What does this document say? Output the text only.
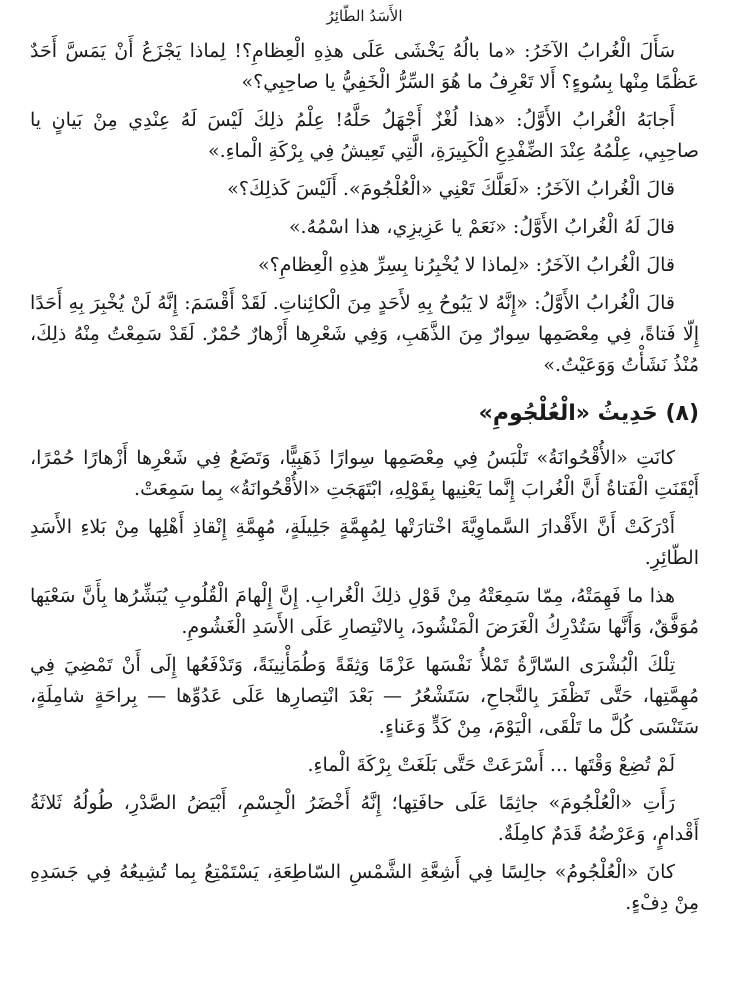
الأَسَدُ الطّائِرُ

سَأَلَ الْغُرابُ الآخَرُ: «ما بالُهُ يَخْشَى عَلَى هذِهِ الْعِظامِ؟! لِماذا يَجْزَعُ أَنْ يَمَسَّ أَحَدٌ عَظْمًا مِنْها بِسُوءٍ؟ أَلا تَعْرِفُ ما هُوَ السِّرُّ الْخَفِيُّ يا صاحِبِي؟»

أَجابَهُ الْغُرابُ الأَوَّلُ: «هذا لُغْزٌ أَجْهَلُ حَلَّهُ! عِلْمُ ذلِكَ لَيْسَ لَهُ عِنْدِي مِنْ بَيانٍ يا صاحِبِي، عِلْمُهُ عِنْدَ الضِّفْدِعِ الْكَبِيرَةِ، الَّتِي تَعِيشُ فِي بِرْكَةِ الْماءِ.»

قالَ الْغُرابُ الآخَرُ: «لَعَلَّكَ تَعْنِي «الْعُلْجُومَ». أَلَيْسَ كَذلِكَ؟»

قالَ لَهُ الْغُرابُ الأَوَّلُ: «نَعَمْ يا عَزِيزِي، هذا اسْمُهُ.»

قالَ الْغُرابُ الآخَرُ: «لِماذا لا يُخْبِرُنا بِسِرِّ هذِهِ الْعِظامِ؟»

قالَ الْغُرابُ الأَوَّلُ: «إِنَّهُ لا يَبُوحُ بِهِ لأَحَدٍ مِنَ الْكائِناتِ. لَقَدْ أَقْسَمَ: إِنَّهُ لَنْ يُخْبِرَ بِهِ أَحَدًا إِلّا فَتاةً، فِي مِعْصَمِها سِوارٌ مِنَ الذَّهَبِ، وَفِي شَعْرِها أَزْهارٌ حُمْرٌ. لَقَدْ سَمِعْتُ مِنْهُ ذلِكَ، مُنْذُ نَشَأْتُ وَوَعَيْتُ.»

(٨) حَدِيثُ «الْعُلْجُومِ»

كانَتِ «الأُقْحُوانَةُ» تَلْبَسُ فِي مِعْصَمِها سِوارًا ذَهَبِيًّا، وَتَضَعُ فِي شَعْرِها أَزْهارًا حُمْرًا، أَيْقَنَتِ الْفَتاةُ أَنَّ الْغُرابَ إِنَّما يَعْنِيها بِقَوْلِهِ، ابْتَهَجَتِ «الأُقْحُوانَةُ» بِما سَمِعَتْ.

أَدْرَكَتْ أَنَّ الأَقْدارَ السَّماوِيَّةَ اخْتارَتْها لِمُهِمَّةٍ جَلِيلَةٍ، مُهِمَّةِ إِنْقاذِ أَهْلِها مِنْ بَلاءِ الأَسَدِ الطّائِرِ.

هذا ما فَهِمَتْهُ، مِمّا سَمِعَتْهُ مِنْ قَوْلِ ذلِكَ الْغُرابِ. إِنَّ إِلْهامَ الْقُلُوبِ يُبَشِّرُها بِأَنَّ سَعْيَها مُوَفَّقٌ، وَأَنَّها سَتُدْرِكُ الْغَرَضَ الْمَنْشُودَ، بِالانْتِصارِ عَلَى الأَسَدِ الْغَشُومِ.

تِلْكَ الْبُشْرَى السّارَّةُ تَمْلأُ نَفْسَها عَزْمًا وَثِقَةً وَطُمَأْنِينَةً، وَتَدْفَعُها إِلَى أَنْ تَمْضِيَ فِي مُهِمَّتِها، حَتَّى تَظْفَرَ بِالنَّجاحِ، سَتَشْعُرُ — بَعْدَ انْتِصارِها عَلَى عَدُوِّها — بِراحَةٍ شامِلَةٍ، سَتَنْسَى كُلَّ ما تَلْقَى، الْيَوْمَ، مِنْ كَدٍّ وَعَناءٍ.

لَمْ تُضِعْ وَقْتَها ... أَسْرَعَتْ حَتَّى بَلَغَتْ بِرْكَةَ الْماءِ.

رَأَتِ «الْعُلْجُومَ» جاثِمًا عَلَى حافَتِها؛ إِنَّهُ أَخْضَرُ الْجِسْمِ، أَبْيَضُ الصَّدْرِ، طُولُهُ ثَلاثَةُ أَقْدامٍ، وَعَرْضُهُ قَدَمٌ كامِلَةٌ.

كانَ «الْعُلْجُومُ» جالِسًا فِي أَشِعَّةِ الشَّمْسِ السّاطِعَةِ، يَسْتَمْتِعُ بِما تُشِيعُهُ فِي جَسَدِهِ مِنْ دِفْءٍ.
